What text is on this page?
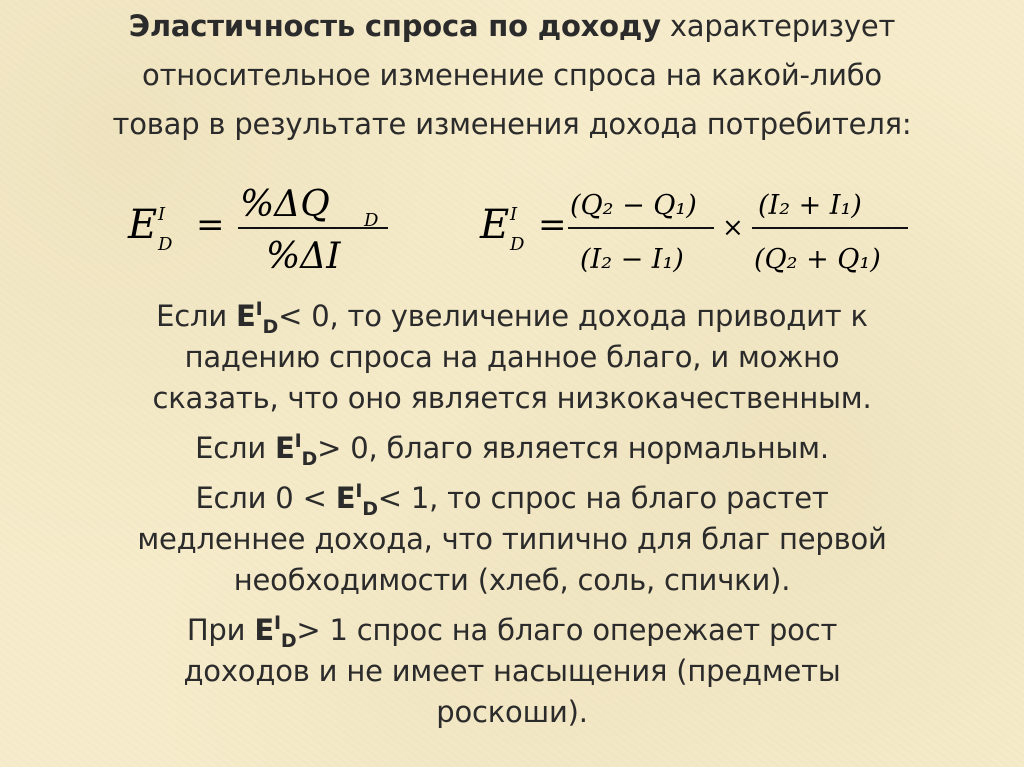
Эластичность спроса по доходу характеризует
относительное изменение спроса на какой-либо
товар в результате изменения дохода потребителя:
E I
D = %ΔQ D
%ΔI
E I
D = (Q₂ − Q₁)
(I₂ − I₁)
×
(I₂ + I₁)
(Q₂ + Q₁)
Если $E^I_D< 0$, то увеличение дохода приводит к
падению спроса на данное благо, и можно
сказать, что оно является низкокачественным.
Если $E^I_D> 0$, благо является нормальным.
Если $0 < E^I_D< 1$, то спрос на благо растет
медленнее дохода, что типично для благ первой
необходимости (хлеб, соль, спички).
При $E^I_D> 1$ спрос на благо опережает рост
доходов и не имеет насыщения (предметы
роскоши).
